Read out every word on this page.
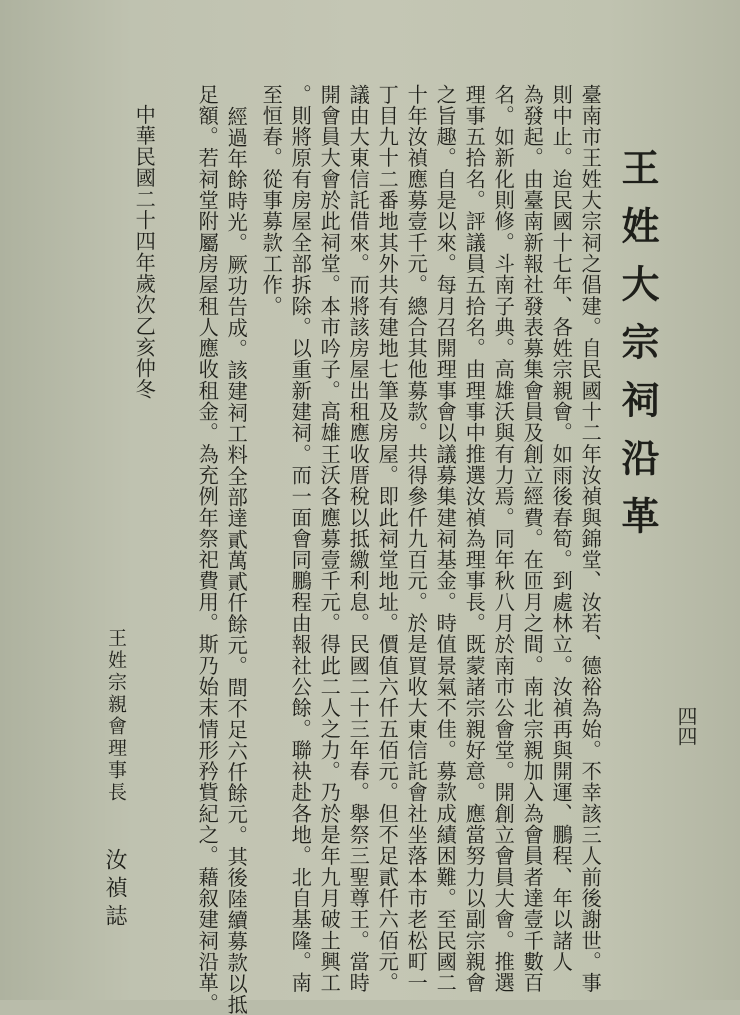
王姓大宗祠沿革
臺南市王姓大宗祠之倡建。自民國十二年汝禎與錦堂、汝若、德裕為始。不幸該三人前後謝世。事
則中止。迨民國十七年、各姓宗親會。如雨後春筍。到處林立。汝禎再與開運、鵬程、年以諸人
為發起。由臺南新報社發表募集會員及創立經費。在匝月之間。南北宗親加入為會員者達壹千數百
名。如新化則修。斗南子典。高雄沃與有力焉。同年秋八月於南市公會堂。開創立會員大會。推選
理事五拾名。評議員五拾名。由理事中推選汝禎為理事長。既蒙諸宗親好意。應當努力以副宗親會
之旨趣。自是以來。每月召開理事會以議募集建祠基金。時值景氣不佳。募款成績困難。至民國二
十年汝禎應募壹千元。總合其他募款。共得參仟九百元。於是買收大東信託會社坐落本市老松町一
丁目九十二番地其外共有建地七筆及房屋。即此祠堂地址。價值六仟五佰元。但不足貳仟六佰元。
議由大東信託借來。而將該房屋出租應收厝稅以抵繳利息。民國二十三年春。舉祭三聖尊王。當時
開會員大會於此祠堂。本市吟子。高雄王沃各應募壹千元。得此二人之力。乃於是年九月破土興工
。則將原有房屋全部拆除。以重新建祠。而一面會同鵬程由報社公餘。聯袂赴各地。北自基隆。南
至恒春。從事募款工作。
經過年餘時光。厥功告成。該建祠工料全部達貳萬貳仟餘元。間不足六仟餘元。其後陸續募款以抵
足額。若祠堂附屬房屋租人應收租金。為充例年祭祀費用。斯乃始末情形矜貲紀之。藉叙建祠沿革。
中華民國二十四年歲次乙亥仲冬
王姓宗親會理事長
汝禎誌
四四
